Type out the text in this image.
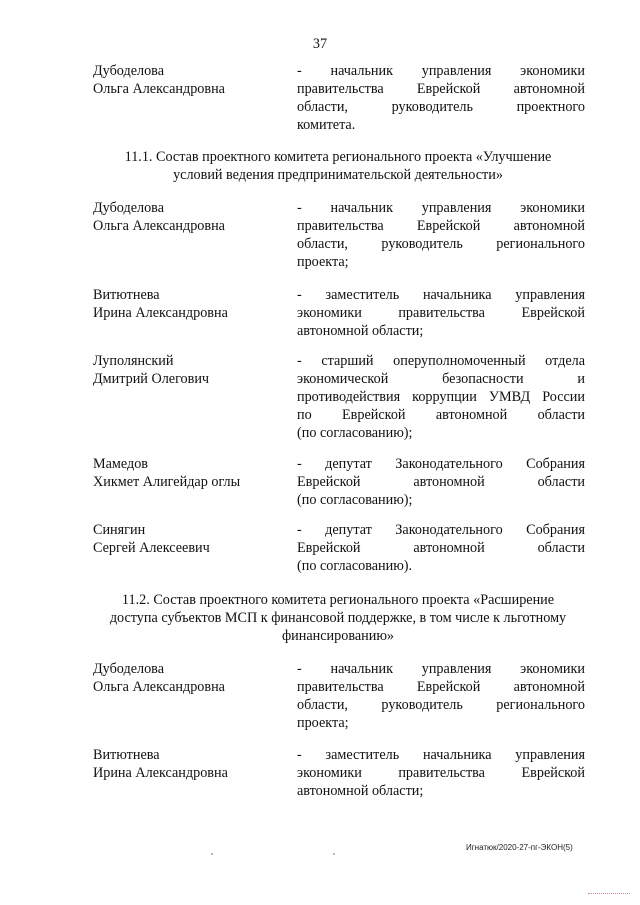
37
Дубоделова
Ольга Александровна
- начальник управления экономики
правительства Еврейской автономной
области, руководитель проектного
комитета.
11.1. Состав проектного комитета регионального проекта «Улучшение
условий ведения предпринимательской деятельности»
Дубоделова
Ольга Александровна
- начальник управления экономики
правительства Еврейской автономной
области, руководитель регионального
проекта;
Витютнева
Ирина Александровна
- заместитель начальника управления
экономики правительства Еврейской
автономной области;
Луполянский
Дмитрий Олегович
- старший оперуполномоченный отдела
экономической безопасности и
противодействия коррупции УМВД России
по Еврейской автономной области
(по согласованию);
Мамедов
Хикмет Алигейдар оглы
- депутат Законодательного Собрания
Еврейской автономной области
(по согласованию);
Синягин
Сергей Алексеевич
- депутат Законодательного Собрания
Еврейской автономной области
(по согласованию).
11.2. Состав проектного комитета регионального проекта «Расширение
доступа субъектов МСП к финансовой поддержке, в том числе к льготному
финансированию»
Дубоделова
Ольга Александровна
- начальник управления экономики
правительства Еврейской автономной
области, руководитель регионального
проекта;
Витютнева
Ирина Александровна
- заместитель начальника управления
экономики правительства Еврейской
автономной области;
Игнатюк/2020-27-пг-ЭКОН(5)
